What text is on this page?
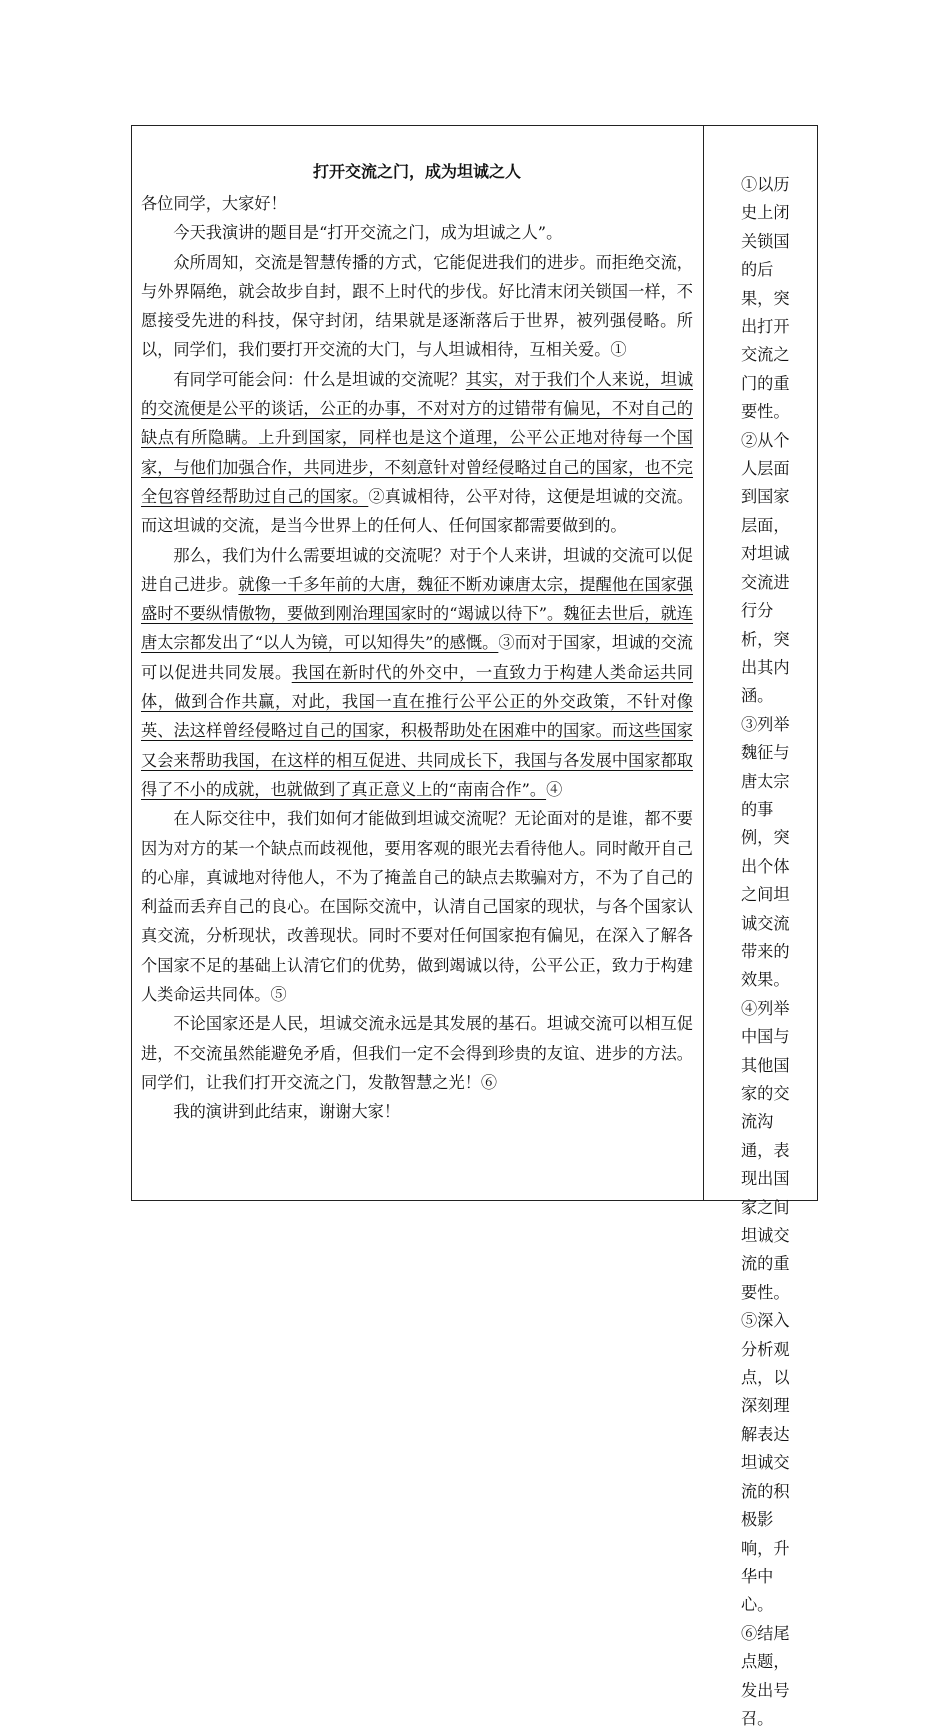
打开交流之门，成为坦诚之人

各位同学，大家好！

今天我演讲的题目是“打开交流之门，成为坦诚之人”。

众所周知，交流是智慧传播的方式，它能促进我们的进步。而拒绝交流，与外界隔绝，就会故步自封，跟不上时代的步伐。好比清末闭关锁国一样，不愿接受先进的科技，保守封闭，结果就是逐渐落后于世界，被列强侵略。所以，同学们，我们要打开交流的大门，与人坦诚相待，互相关爱。①

有同学可能会问：什么是坦诚的交流呢？其实，对于我们个人来说，坦诚的交流便是公平的谈话，公正的办事，不对对方的过错带有偏见，不对自己的缺点有所隐瞒。上升到国家，同样也是这个道理，公平公正地对待每一个国家，与他们加强合作，共同进步，不刻意针对曾经侵略过自己的国家，也不完全包容曾经帮助过自己的国家。②真诚相待，公平对待，这便是坦诚的交流。而这坦诚的交流，是当今世界上的任何人、任何国家都需要做到的。

那么，我们为什么需要坦诚的交流呢？对于个人来讲，坦诚的交流可以促进自己进步。就像一千多年前的大唐，魏征不断劝谏唐太宗，提醒他在国家强盛时不要纵情傲物，要做到刚治理国家时的“竭诚以待下”。魏征去世后，就连唐太宗都发出了“以人为镜，可以知得失”的感慨。③而对于国家，坦诚的交流可以促进共同发展。我国在新时代的外交中，一直致力于构建人类命运共同体，做到合作共赢，对此，我国一直在推行公平公正的外交政策，不针对像英、法这样曾经侵略过自己的国家，积极帮助处在困难中的国家。而这些国家又会来帮助我国，在这样的相互促进、共同成长下，我国与各发展中国家都取得了不小的成就，也就做到了真正意义上的“南南合作”。④

在人际交往中，我们如何才能做到坦诚交流呢？无论面对的是谁，都不要因为对方的某一个缺点而歧视他，要用客观的眼光去看待他人。同时敞开自己的心扉，真诚地对待他人，不为了掩盖自己的缺点去欺骗对方，不为了自己的利益而丢弃自己的良心。在国际交流中，认清自己国家的现状，与各个国家认真交流，分析现状，改善现状。同时不要对任何国家抱有偏见，在深入了解各个国家不足的基础上认清它们的优势，做到竭诚以待，公平公正，致力于构建人类命运共同体。⑤

不论国家还是人民，坦诚交流永远是其发展的基石。坦诚交流可以相互促进，不交流虽然能避免矛盾，但我们一定不会得到珍贵的友谊、进步的方法。同学们，让我们打开交流之门，发散智慧之光！⑥

我的演讲到此结束，谢谢大家！

①以历史上闭关锁国的后果，突出打开交流之门的重要性。

②从个人层面到国家层面，对坦诚交流进行分析，突出其内涵。

③列举魏征与唐太宗的事例，突出个体之间坦诚交流带来的效果。

④列举中国与其他国家的交流沟通，表现出国家之间坦诚交流的重要性。

⑤深入分析观点，以深刻理解表达坦诚交流的积极影响，升华中心。

⑥结尾点题，发出号召。
